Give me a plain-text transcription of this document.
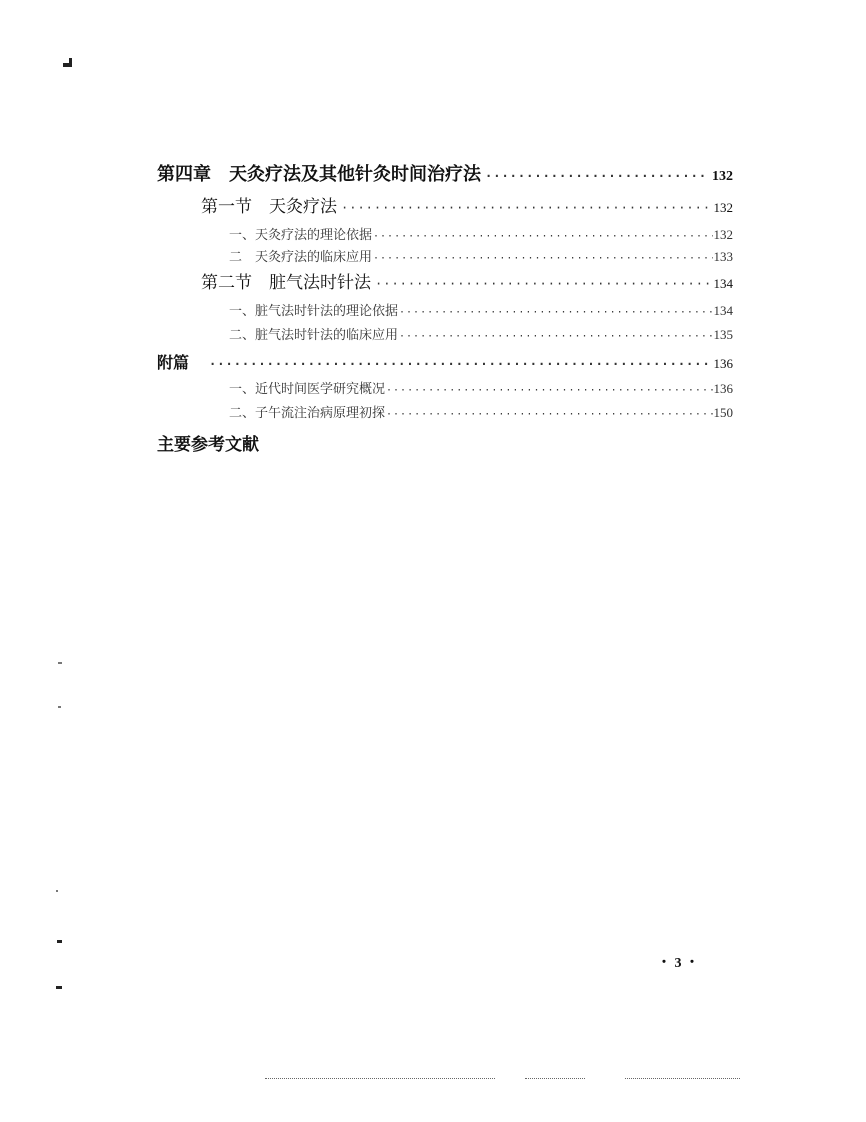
第四章　天灸疗法及其他针灸时间治疗法 ·····	132
第一节　天灸疗法 ·····	132
一、天灸疗法的理论依据 ·····	132
二　天灸疗法的临床应用 ·····	133
第二节　脏气法时针法 ·····	134
一、脏气法时针法的理论依据 ·····	134
二、脏气法时针法的临床应用 ·····	135
附篇 ·····	136
一、近代时间医学研究概况 ·····	136
二、子午流注治病原理初探 ·····	150
主要参考文献
・ 3 ・
